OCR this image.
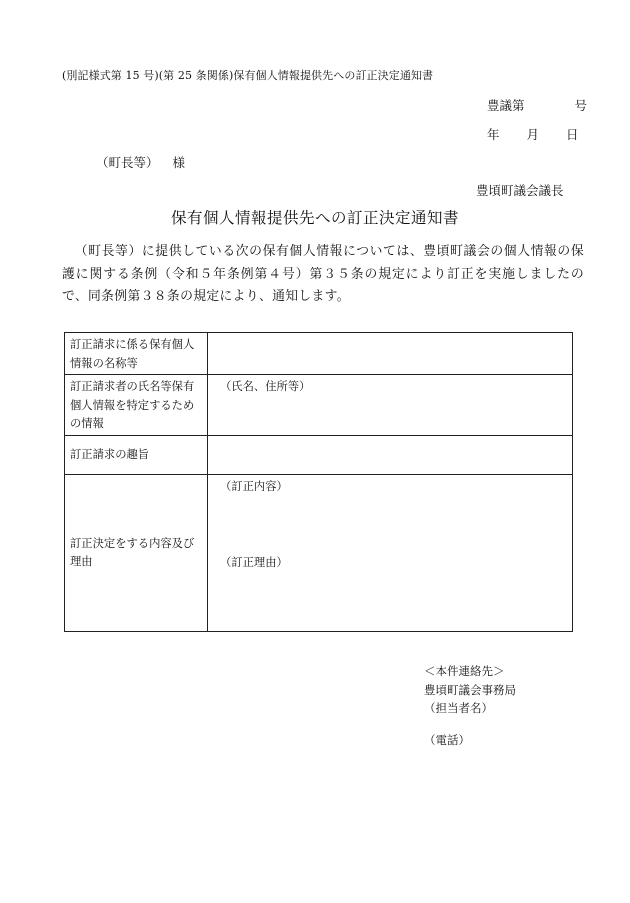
(別記様式第 15 号)(第 25 条関係)保有個人情報提供先への訂正決定通知書
豊議第	号
年 月 日
（町長等） 様
豊頃町議会議長
保有個人情報提供先への訂正決定通知書
（町長等）に提供している次の保有個人情報については、豊頃町議会の個人情報の保護に関する条例（令和５年条例第４号）第３５条の規定により訂正を実施しましたので、同条例第３８条の規定により、通知します。
訂正請求に係る保有個人情報の名称等	
訂正請求者の氏名等保有個人情報を特定するための情報	（氏名、住所等）
訂正請求の趣旨	
訂正決定をする内容及び理由	（訂正内容）
（訂正理由）
＜本件連絡先＞
豊頃町議会事務局
（担当者名）
（電話）
